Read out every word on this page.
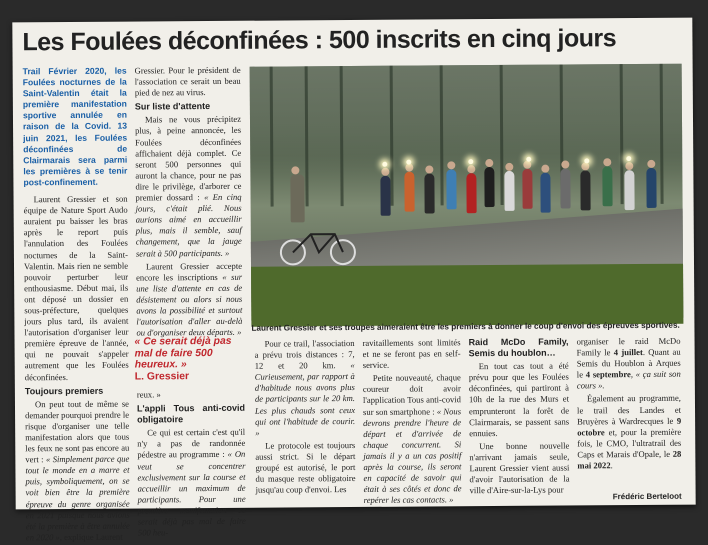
Les Foulées déconfinées : 500 inscrits en cinq jours

Trail Février 2020, les Foulées nocturnes de la Saint-Valentin était la première manifestation sportive annulée en raison de la Covid. 13 juin 2021, les Foulées déconfinées de Clairmarais sera parmi les premières à se tenir post-confinement.

Laurent Gressier et son équipe de Nature Sport Audo auraient pu baisser les bras après le report puis l'annulation des Foulées nocturnes de la Saint-Valentin. Mais rien ne semble pouvoir perturber leur enthousiasme. Début mai, ils ont déposé un dossier en sous-préfecture, quelques jours plus tard, ils avaient l'autorisation d'organiser leur première épreuve de l'année, qui ne pouvait s'appeler autrement que les Foulées déconfinées.

Toujours premiers

On peut tout de même se demander pourquoi prendre le risque d'organiser une telle manifestation alors que tous les feux ne sont pas encore au vert : « Simplement parce que tout le monde en a marre et puis, symboliquement, on se voit bien être la première épreuve du genre organisée en 2021 puisque nous avions été la première à être annulée en 2020 », explique Laurent

Gressier. Pour le président de l'association ce serait un beau pied de nez au virus.

Sur liste d'attente

Mais ne vous précipitez plus, à peine annoncée, les Foulées déconfinées affichaient déjà complet. Ce seront 500 personnes qui auront la chance, pour ne pas dire le privilège, d'arborer ce premier dossard : « En cinq jours, c'était plié. Nous aurions aimé en accueillir plus, mais il semble, sauf changement, que la jauge serait à 500 participants. »

Laurent Gressier accepte encore les inscriptions « sur une liste d'attente en cas de désistement ou alors si nous avons la possibilité et surtout l'autorisation d'aller au-delà ou d'organiser deux départs. » Laurent Gressier et ses troupes aimeraient être les premiers à donner le coup d'envoi des épreuves sportives.
« Ce serait déjà pas mal de faire 500 heureux. »
L. Gressier

reux. »

L'appli Tous anti-covid obligatoire

Ce qui est certain c'est qu'il n'y a pas de randonnée pédestre au programme : « On veut se concentrer exclusivement sur la course et accueillir un maximum de participants. Pour une première manifestation ce serait déjà pas mal de faire 500 heu-

Pour ce trail, l'association a prévu trois distances : 7, 12 et 20 km. « Curieusement, par rapport à d'habitude nous avons plus de participants sur le 20 km. Les plus chauds sont ceux qui ont l'habitude de courir. »

Le protocole est toujours aussi strict. Si le départ groupé est autorisé, le port du masque reste obligatoire jusqu'au coup d'envoi. Les

ravitaillements sont limités et ne se feront pas en self-service.

Petite nouveauté, chaque coureur doit avoir l'application Tous anti-covid sur son smartphone : « Nous devrons prendre l'heure de départ et d'arrivée de chaque concurrent. Si jamais il y a un cas positif après la course, ils seront en capacité de savoir qui était à ses côtés et donc de repérer les cas contacts. »

Raid McDo Family, Semis du houblon…

En tout cas tout a été prévu pour que les Foulées déconfinées, qui partiront à 10h de la rue des Murs et emprunteront la forêt de Clairmarais, se passent sans ennuies.

Une bonne nouvelle n'arrivant jamais seule, Laurent Gressier vient aussi d'avoir l'autorisation de la ville d'Aire-sur-la-Lys pour

organiser le raid McDo Family le 4 juillet. Quant au Semis du Houblon à Arques le 4 septembre, « ça suit son cours ».

Également au programme, le trail des Landes et Bruyères à Wardrecques le 9 octobre et, pour la première fois, le CMO, l'ultratrail des Caps et Marais d'Opale, le 28 mai 2022.

Frédéric Berteloot
